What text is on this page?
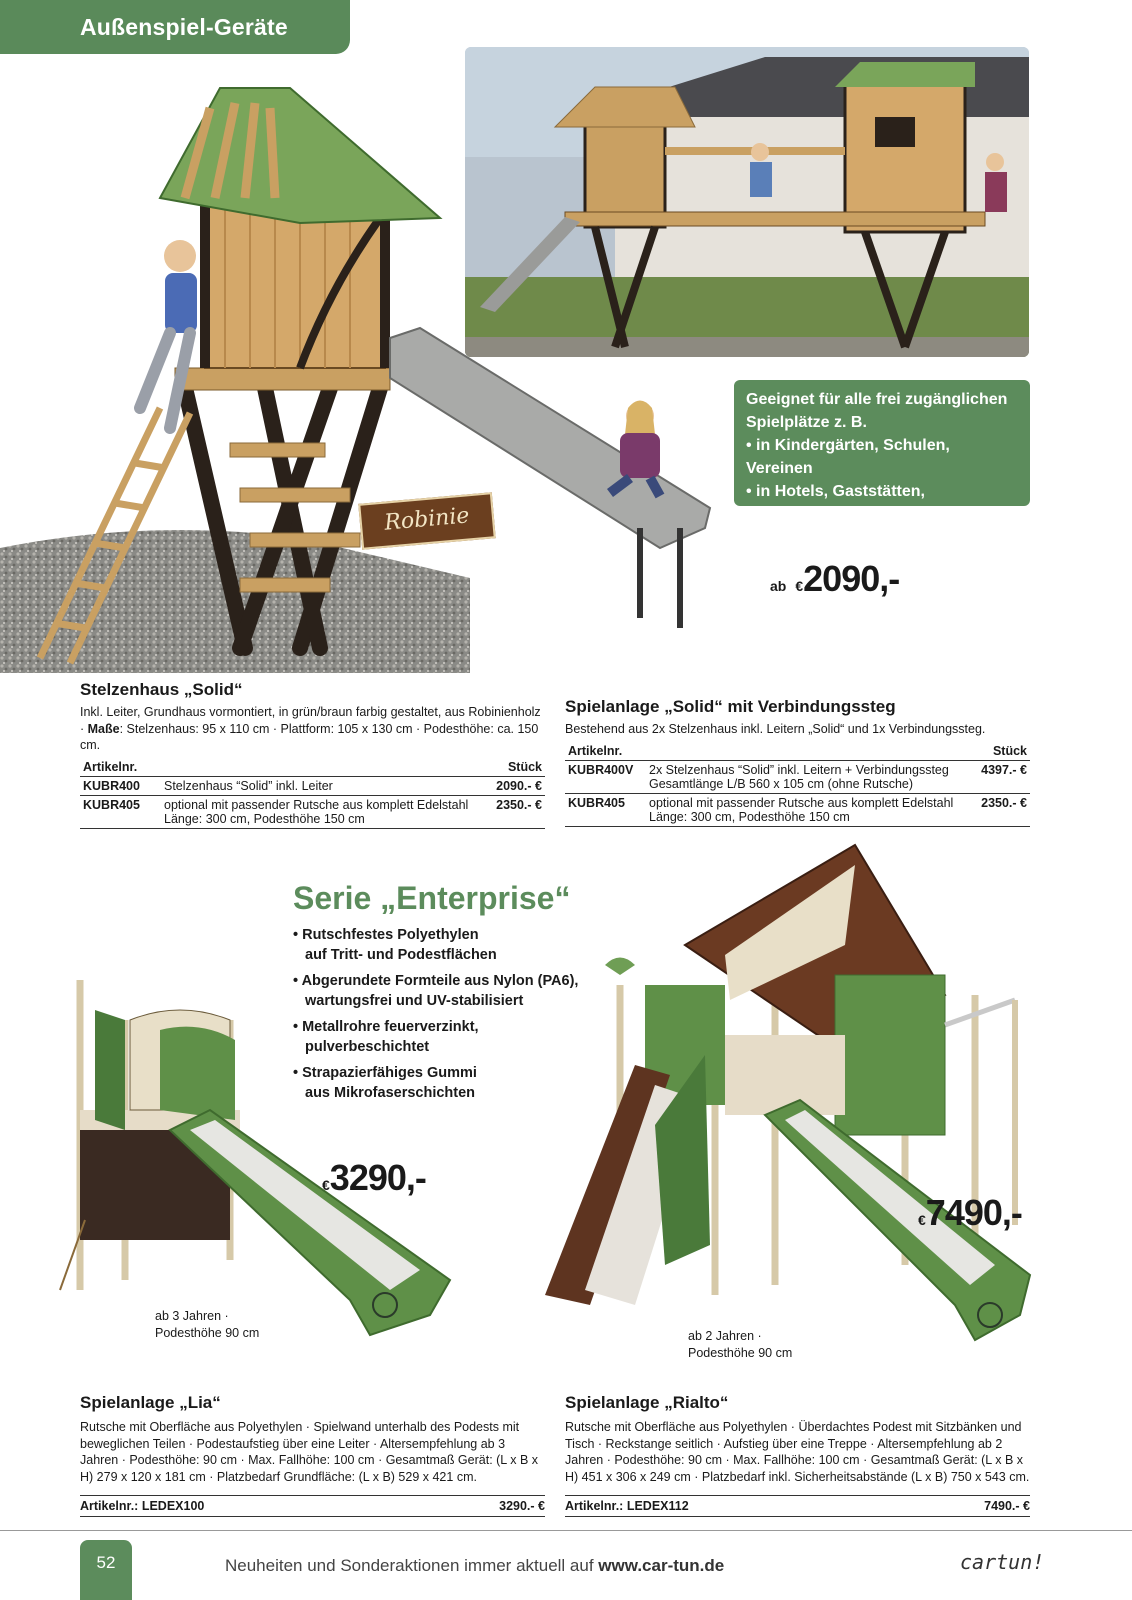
Außenspiel-Geräte
Robinie
Geeignet für alle frei zugänglichen Spielplätze z. B.
• in Kindergärten, Schulen, Vereinen
• in Hotels, Gaststätten, Restaurants
• in Einkaufszentren
ab €2090,-
Stelzenhaus „Solid“
Inkl. Leiter, Grundhaus vormontiert, in grün/braun farbig gestaltet, aus Robinienholz · Maße: Stelzenhaus: 95 x 110 cm · Plattform: 105 x 130 cm · Podesthöhe: ca. 150 cm.
Artikelnr.		Stück
KUBR400	Stelzenhaus “Solid” inkl. Leiter	2090.- €
KUBR405	optional mit passender Rutsche aus komplett Edelstahl
Länge: 300 cm, Podesthöhe 150 cm	2350.- €
Spielanlage „Solid“ mit Verbindungssteg
Bestehend aus 2x Stelzenhaus inkl. Leitern „Solid“ und 1x Verbindungssteg.
Artikelnr.		Stück
KUBR400V	2x Stelzenhaus “Solid” inkl. Leitern + Verbindungssteg
Gesamtlänge L/B 560 x 105 cm (ohne Rutsche)	4397.- €
KUBR405	optional mit passender Rutsche aus komplett Edelstahl
Länge: 300 cm, Podesthöhe 150 cm	2350.- €
Serie „Enterprise“
• Rutschfestes Polyethylen
auf Tritt- und Podestflächen
• Abgerundete Formteile aus Nylon (PA6),
wartungsfrei und UV-stabilisiert
• Metallrohre feuerverzinkt,
pulverbeschichtet
• Strapazierfähiges Gummi
aus Mikrofaserschichten
€3290,-
€7490,-
ab 3 Jahren ·
Podesthöhe 90 cm	ab 2 Jahren ·
Podesthöhe 90 cm
Spielanlage „Lia“
Rutsche mit Oberfläche aus Polyethylen · Spielwand unterhalb des Podests mit beweglichen Teilen · Podestaufstieg über eine Leiter · Altersempfehlung ab 3 Jahren · Podesthöhe: 90 cm · Max. Fallhöhe: 100 cm · Gesamtmaß Gerät: (L x B x H) 279 x 120 x 181 cm · Platzbedarf Grundfläche: (L x B) 529 x 421 cm.
Artikelnr.: LEDEX100	3290.- €
Spielanlage „Rialto“
Rutsche mit Oberfläche aus Polyethylen · Überdachtes Podest mit Sitzbänken und Tisch · Reckstange seitlich · Aufstieg über eine Treppe · Altersempfehlung ab 2 Jahren · Podesthöhe: 90 cm · Max. Fallhöhe: 100 cm · Gesamtmaß Gerät: (L x B x H) 451 x 306 x 249 cm · Platzbedarf inkl. Sicherheitsabstände (L x B) 750 x 543 cm.
Artikelnr.: LEDEX112	7490.- €
52	Neuheiten und Sonderaktionen immer aktuell auf www.car-tun.de	cartun!
